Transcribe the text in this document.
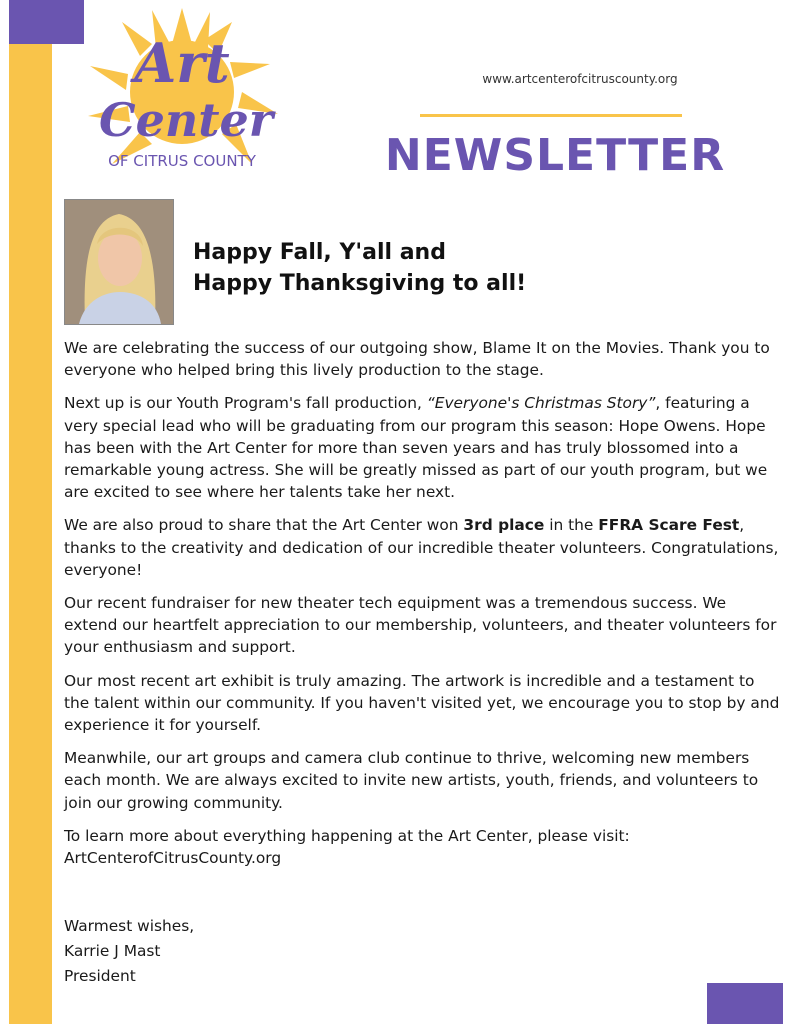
Art
Center
OF CITRUS COUNTY
www.artcenterofcitruscounty.org
NEWSLETTER
Happy Fall, Y'all and
Happy Thanksgiving to all!

We are celebrating the success of our outgoing show, Blame It on the Movies. Thank you to everyone who helped bring this lively production to the stage.

Next up is our Youth Program's fall production, “Everyone's Christmas Story”, featuring a very special lead who will be graduating from our program this season: Hope Owens. Hope has been with the Art Center for more than seven years and has truly blossomed into a remarkable young actress. She will be greatly missed as part of our youth program, but we are excited to see where her talents take her next.

We are also proud to share that the Art Center won 3rd place in the FFRA Scare Fest, thanks to the creativity and dedication of our incredible theater volunteers. Congratulations, everyone!

Our recent fundraiser for new theater tech equipment was a tremendous success. We extend our heartfelt appreciation to our membership, volunteers, and theater volunteers for your enthusiasm and support.

Our most recent art exhibit is truly amazing. The artwork is incredible and a testament to the talent within our community. If you haven't visited yet, we encourage you to stop by and experience it for yourself.

Meanwhile, our art groups and camera club continue to thrive, welcoming new members each month. We are always excited to invite new artists, youth, friends, and volunteers to join our growing community.

To learn more about everything happening at the Art Center, please visit:
ArtCenterofCitrusCounty.org

Warmest wishes,
Karrie J Mast
President
